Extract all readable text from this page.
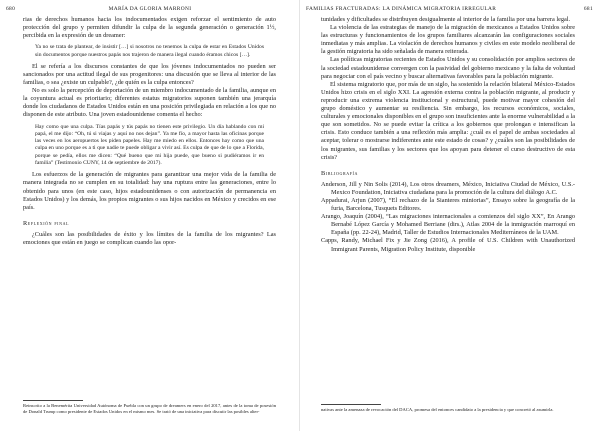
680	MARÍA DA GLORIA MARRONI

rias de derechos humanos hacia los indocumentados exigen reforzar el sentimiento de auto protección del grupo y permiten difundir la culpa de la segunda generación o generación 1½, percibida en la expresión de un dreamer:

Ya no se trata de plantear, de insistir […] si nosotros no tenemos la culpa de estar en Estados Unidos sin documentos porque nuestros papás nos trajeron de manera ilegal cuando éramos chicos […].

El se refería a los discursos constantes de que los jóvenes indocumentados no pueden ser sancionados por una actitud ilegal de sus progenitores: una discusión que se lleva al interior de las familias, o sea ¿existe un culpable?, ¿de quién es la culpa entonces?

No es solo la percepción de deportación de un miembro indocumentado de la familia, aunque en la coyuntura actual es prioritario; diferentes estatus migratorios suponen también una jerarquía donde los ciudadanos de Estados Unidos están en una posición privilegiada en relación a los que no disponen de este atributo. Una joven estadounidense comenta el hecho:

Hay como que una culpa. Tías papás y tús papás no tienen este privilegio. Un día hablando con mi papá, el me dijo: “Oh, tú si viajas y aquí no nos dejan”. Ya me fío, a mayor hasta las oficinas porque las veces en los aeropuertos les piden papeles. Hay me miedo en ellos. Entonces hay como que una culpa en uno porque es a ti que nadie te puede obligar a vivir así. Es culpa de que de lo que a Florida, porque se pedía, ellos me dicen: “Qué bueno que mi hija puede, que bueno si pudiéramos ir en familia” (Testimonio CUNY, 14 de septiembre de 2017).

Los esfuerzos de la generación de migrantes para garantizar una mejor vida de la familia de manera integrada no se cumplen en su totalidad: hay una ruptura entre las generaciones, entre lo obtenido para unos (en este caso, hijos estadounidenses o con autorización de permanencia en Estados Unidos) y los demás, los propios migrantes o sus hijos nacidos en México y crecidos en ese país.

Reflexión final

¿Cuáles son las posibilidades de éxito y los límites de la familia de los migrantes? Las emociones que están en juego se complican cuando las opor-

Reinscrito a la Benemérita Universidad Autónoma de Puebla con un grupo de dreamers en enero del 2017, antes de la toma de posesión de Donald Trump como presidente de Estados Unidos en el mismo mes. Se trató de una iniciativa para discutir las posibles alter-
FAMILIAS FRACTURADAS: LA DINÁMICA MIGRATORIA IRREGULAR	681

tunidades y dificultades se distribuyen desigualmente al interior de la familia por una barrera legal.

La violencia de las estrategias de manejo de la migración de mexicanos a Estados Unidos sobre las estructuras y funcionamientos de los grupos familiares alcanzarán las configuraciones sociales inmediatas y más amplias. La violación de derechos humanos y civiles en este modelo neoliberal de la gestión migratoria ha sido señalada de manera reiterada.

Las políticas migratorias recientes de Estados Unidos y su consolidación por amplios sectores de la sociedad estadounidense convergen con la pasividad del gobierno mexicano y la falta de voluntad para negociar con el país vecino y buscar alternativas favorables para la población migrante.

El sistema migratorio que, por más de un siglo, ha sostenido la relación bilateral México-Estados Unidos hizo crisis en el siglo XXI. La agresión externa contra la población migrante, al producir y reproducir una extrema violencia institucional y estructural, puede motivar mayor cohesión del grupo doméstico y aumentar su resiliencia. Sin embargo, los recursos económicos, sociales, culturales y emocionales disponibles en el grupo son insuficientes ante la enorme vulnerabilidad a la que son sometidos. No se puede evitar la crítica a los gobiernos que prolongan e intensifican la crisis. Esto conduce también a una reflexión más amplia: ¿cuál es el papel de ambas sociedades al aceptar, tolerar o mostrarse indiferentes ante este estado de cosas? y ¿cuáles son las posibilidades de los migrantes, sus familias y los sectores que los apoyan para detener el curso destructivo de esta crisis?

Bibliografía

Anderson, Jill y Nin Solis (2014), Los otros dreamers, México, Iniciativa Ciudad de México, U.S.-Mexico Foundation, Iniciativa ciudadana para la promoción de la cultura del diálogo A.C.

Appadurai, Arjun (2007), “El rechazo de la Sianteres miniorias”, Ensayo sobre la geografía de la furia, Barcelona, Tusquets Editores.

Arango, Joaquín (2004), “Las migraciones internacionales a comienzos del siglo XX”, En Arango Bernabé López García y Mohamed Berriane (dirs.), Atlas 2004 de la inmigración marroquí en España (pp. 22-24), Madrid, Taller de Estudios Internacionales Mediterráneos de la UAM.

Capps, Randy, Michael Fix y Jie Zong (2016), A profile of U.S. Children with Unauthorized Immigrant Parents, Migration Policy Institute, disponible

nativas ante la amenaza de revocación del DACA, promesa del entonces candidato a la presidencia y que concretó al asumirla.
